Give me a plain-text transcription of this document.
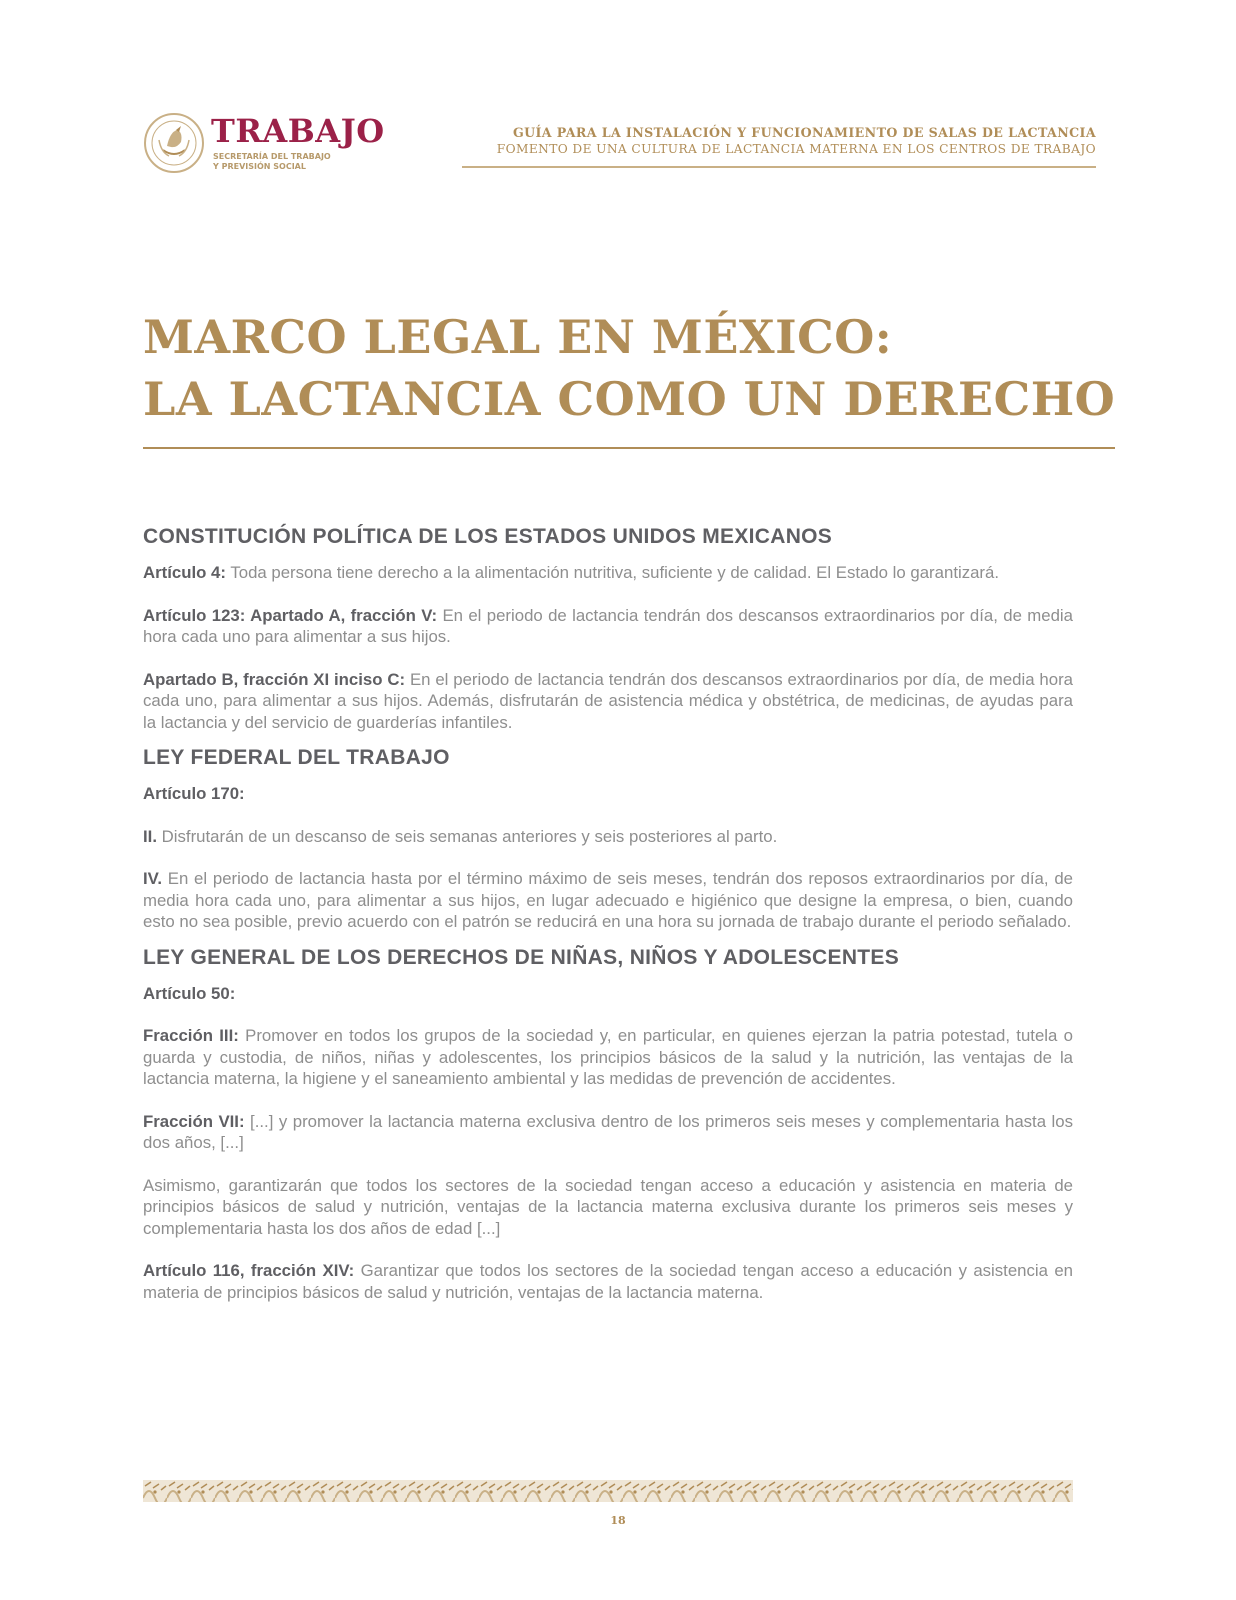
TRABAJO
SECRETARÍA DEL TRABAJO
Y PREVISIÓN SOCIAL
GUÍA PARA LA INSTALACIÓN Y FUNCIONAMIENTO DE SALAS DE LACTANCIA
FOMENTO DE UNA CULTURA DE LACTANCIA MATERNA EN LOS CENTROS DE TRABAJO
MARCO LEGAL EN MÉXICO:
LA LACTANCIA COMO UN DERECHO
CONSTITUCIÓN POLÍTICA DE LOS ESTADOS UNIDOS MEXICANOS

Artículo 4: Toda persona tiene derecho a la alimentación nutritiva, suficiente y de calidad. El Estado lo garantizará.

Artículo 123: Apartado A, fracción V: En el periodo de lactancia tendrán dos descansos extraordinarios por día, de media hora cada uno para alimentar a sus hijos.

Apartado B, fracción XI inciso C: En el periodo de lactancia tendrán dos descansos extraordinarios por día, de media hora cada uno, para alimentar a sus hijos. Además, disfrutarán de asistencia médica y obstétrica, de medicinas, de ayudas para la lactancia y del servicio de guarderías infantiles.

LEY FEDERAL DEL TRABAJO

Artículo 170:

II. Disfrutarán de un descanso de seis semanas anteriores y seis posteriores al parto.

IV. En el periodo de lactancia hasta por el término máximo de seis meses, tendrán dos reposos extraordinarios por día, de media hora cada uno, para alimentar a sus hijos, en lugar adecuado e higiénico que designe la empresa, o bien, cuando esto no sea posible, previo acuerdo con el patrón se reducirá en una hora su jornada de trabajo durante el periodo señalado.

LEY GENERAL DE LOS DERECHOS DE NIÑAS, NIÑOS Y ADOLESCENTES

Artículo 50:

Fracción III: Promover en todos los grupos de la sociedad y, en particular, en quienes ejerzan la patria potestad, tutela o guarda y custodia, de niños, niñas y adolescentes, los principios básicos de la salud y la nutrición, las ventajas de la lactancia materna, la higiene y el saneamiento ambiental y las medidas de prevención de accidentes.

Fracción VII: [...] y promover la lactancia materna exclusiva dentro de los primeros seis meses y complementaria hasta los dos años, [...]

Asimismo, garantizarán que todos los sectores de la sociedad tengan acceso a educación y asistencia en materia de principios básicos de salud y nutrición, ventajas de la lactancia materna exclusiva durante los primeros seis meses y complementaria hasta los dos años de edad [...]

Artículo 116, fracción XIV: Garantizar que todos los sectores de la sociedad tengan acceso a educación y asistencia en materia de principios básicos de salud y nutrición, ventajas de la lactancia materna.

18
